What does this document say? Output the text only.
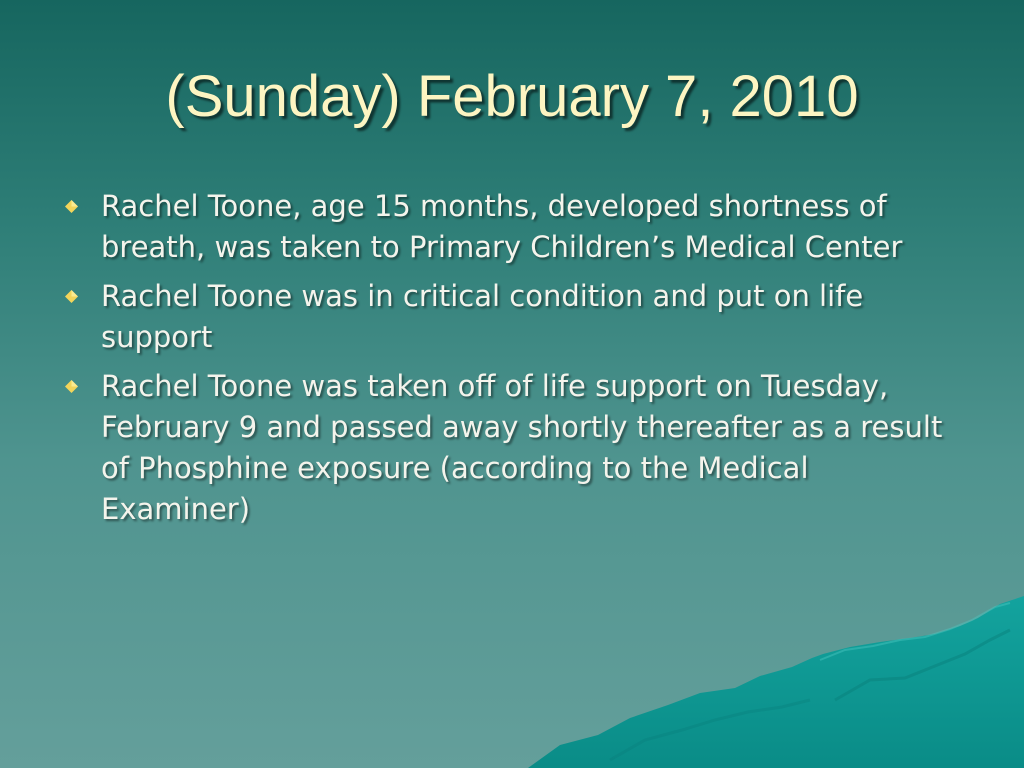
(Sunday) February 7, 2010
Rachel Toone, age 15 months, developed shortness of breath, was taken to Primary Children’s Medical Center
Rachel Toone was in critical condition and put on life support
Rachel Toone was taken off of life support on Tuesday, February 9 and passed away shortly thereafter as a result of Phosphine exposure (according to the Medical Examiner)
